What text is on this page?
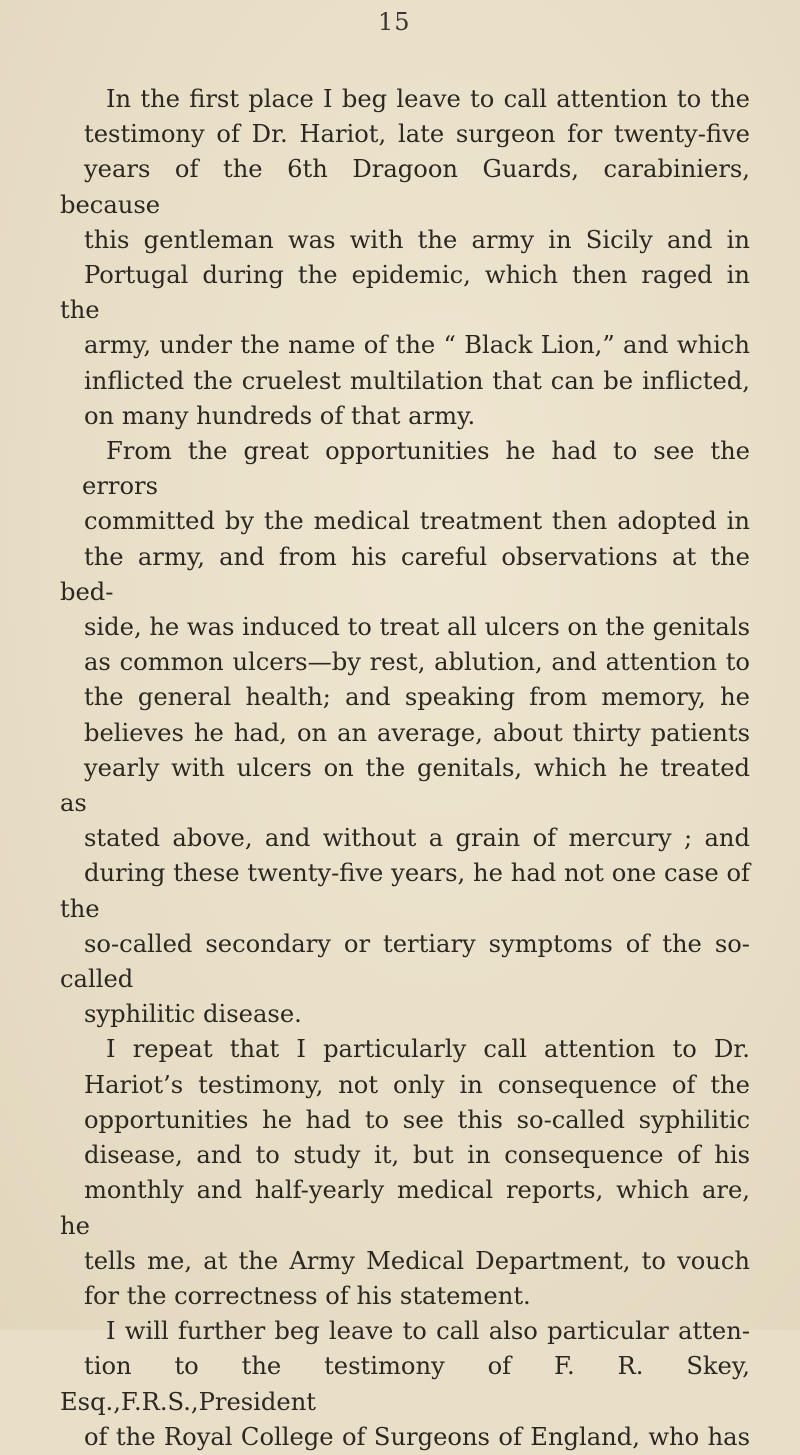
15
In the first place I beg leave to call attention to the
testimony of Dr. Hariot, late surgeon for twenty-five
years of the 6th Dragoon Guards, carabiniers, because
this gentleman was with the army in Sicily and in
Portugal during the epidemic, which then raged in the
army, under the name of the “ Black Lion,” and which
inflicted the cruelest multilation that can be inflicted,
on many hundreds of that army.
From the great opportunities he had to see the errors
committed by the medical treatment then adopted in
the army, and from his careful observations at the bed-
side, he was induced to treat all ulcers on the genitals
as common ulcers—by rest, ablution, and attention to
the general health; and speaking from memory, he
believes he had, on an average, about thirty patients
yearly with ulcers on the genitals, which he treated as
stated above, and without a grain of mercury ; and
during these twenty-five years, he had not one case of the
so-called secondary or tertiary symptoms of the so-called
syphilitic disease.
I repeat that I particularly call attention to Dr.
Hariot’s testimony, not only in consequence of the
opportunities he had to see this so-called syphilitic
disease, and to study it, but in consequence of his
monthly and half-yearly medical reports, which are, he
tells me, at the Army Medical Department, to vouch
for the correctness of his statement.
I will further beg leave to call also particular atten-
tion to the testimony of F. R. Skey, Esq.,F.R.S.,President
of the Royal College of Surgeons of England, who has
